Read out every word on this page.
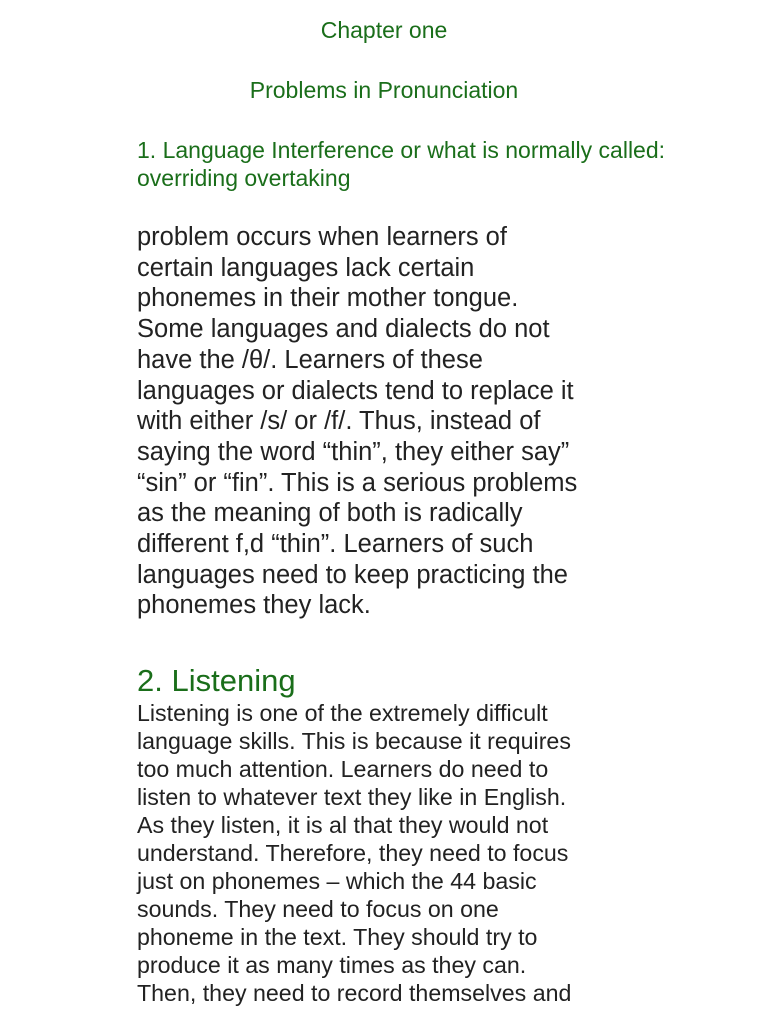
Chapter one
Problems in Pronunciation
1. Language Interference or what is normally called: overriding overtaking

problem occurs when learners of
certain languages lack certain
phonemes in their mother tongue.
Some languages and dialects do not
have the /θ/. Learners of these
languages or dialects tend to replace it
with either /s/ or /f/. Thus, instead of
saying the word “thin”, they either say”
“sin” or “fin”. This is a serious problems
as the meaning of both is radically
different f,d “thin”. Learners of such
languages need to keep practicing the
phonemes they lack.

2. Listening

Listening is one of the extremely difficult
language skills. This is because it requires
too much attention. Learners do need to
listen to whatever text they like in English.
As they listen, it is al that they would not
understand. Therefore, they need to focus
just on phonemes – which the 44 basic
sounds. They need to focus on one
phoneme in the text. They should try to
produce it as many times as they can.
Then, they need to record themselves and
